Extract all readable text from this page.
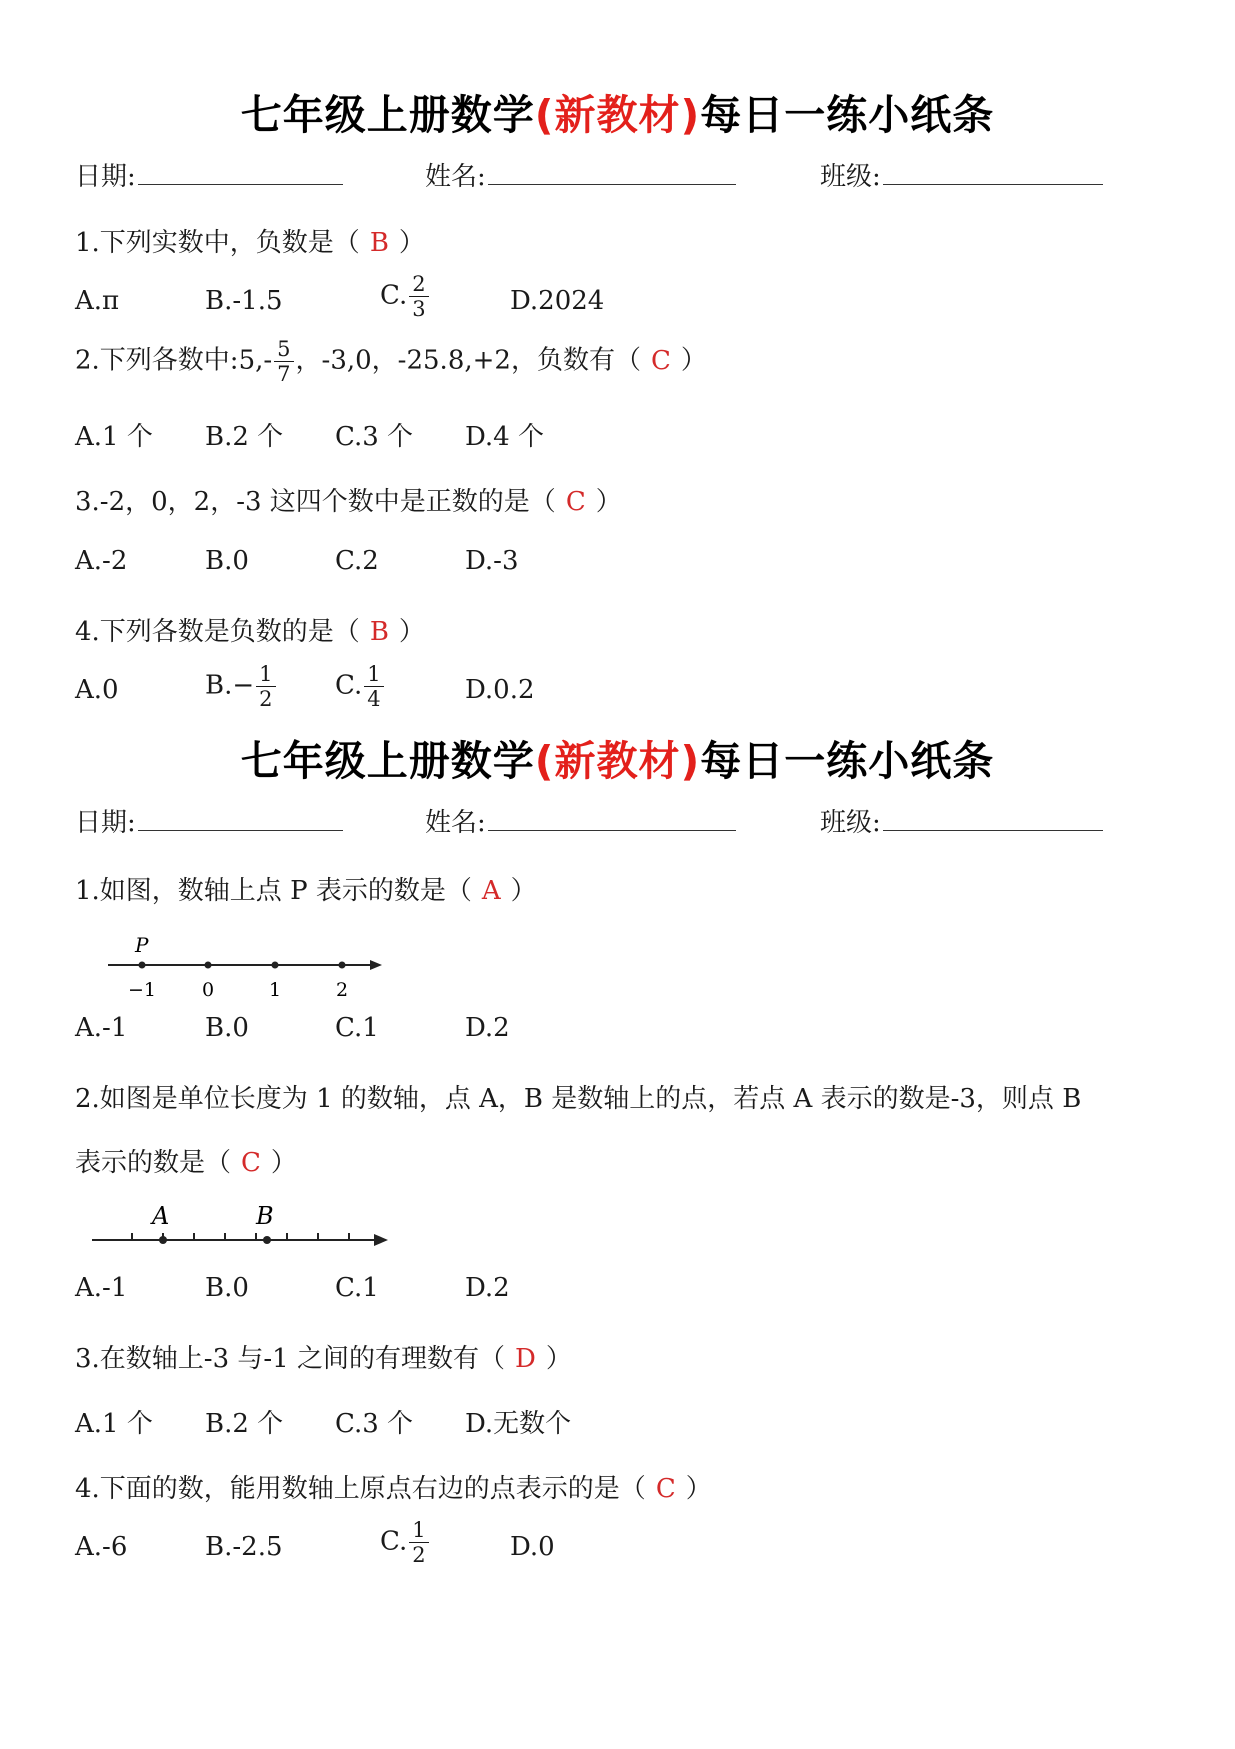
七年级上册数学(新教材)每日一练小纸条
日期:	姓名:	班级:
1.下列实数中，负数是（ B ）
A.π	B.-1.5	C. $\frac{2}{3}$	D.2024
2.下列各数中:5,- $\frac{5}{7}$ ，-3,0，-25.8,+2，负数有（ C ）
A.1 个 B.2 个 C.3 个 D.4 个
3.-2，0，2，-3 这四个数中是正数的是（ C ）
A.-2	B.0	C.2	D.-3
4.下列各数是负数的是（ B ）
A.0	$B.- \frac{1}{2} C$. $\frac{1}{4}$	D.0.2
七年级上册数学(新教材)每日一练小纸条
日期:	姓名:	班级:
1.如图，数轴上点 P 表示的数是（ A ）
P
−1 0	1	2
A.-1	B.0	C.1	D.2
2.如图是单位长度为 1 的数轴，点 A，B 是数轴上的点，若点 A 表示的数是-3，则点 B
表示的数是（ C ）
A	B
A.-1	B.0	C.1	D.2
3.在数轴上-3 与-1 之间的有理数有（ D ）
A.1 个 B.2 个 C.3 个 D.无数个
4.下面的数，能用数轴上原点右边的点表示的是（ C ）
A.-6	B.-2.5	C. $\frac{1}{2}$	D.0
